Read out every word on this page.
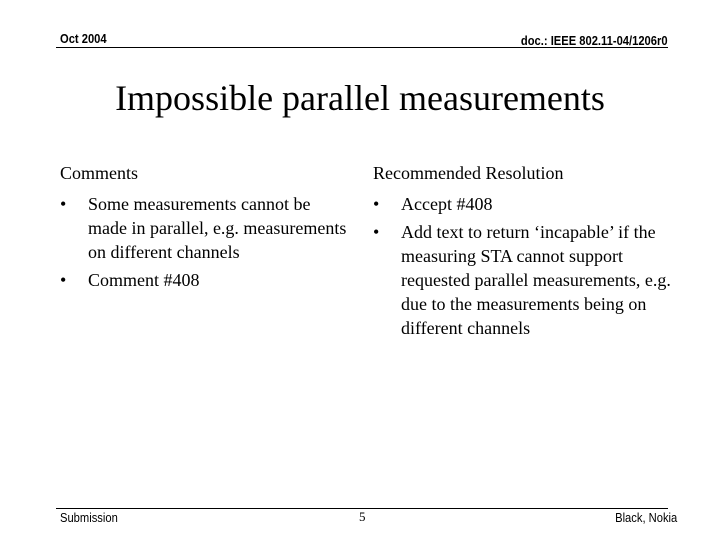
Oct 2004	doc.: IEEE 802.11-04/1206r0
Impossible parallel measurements
Comments
•	Some measurements cannot be made in parallel, e.g. measurements on different channels
•	Comment #408
Recommended Resolution
•	Accept #408
•	Add text to return ‘incapable’ if the measuring STA cannot support requested parallel measurements, e.g. due to the measurements being on different channels
Submission	5	Black, Nokia
